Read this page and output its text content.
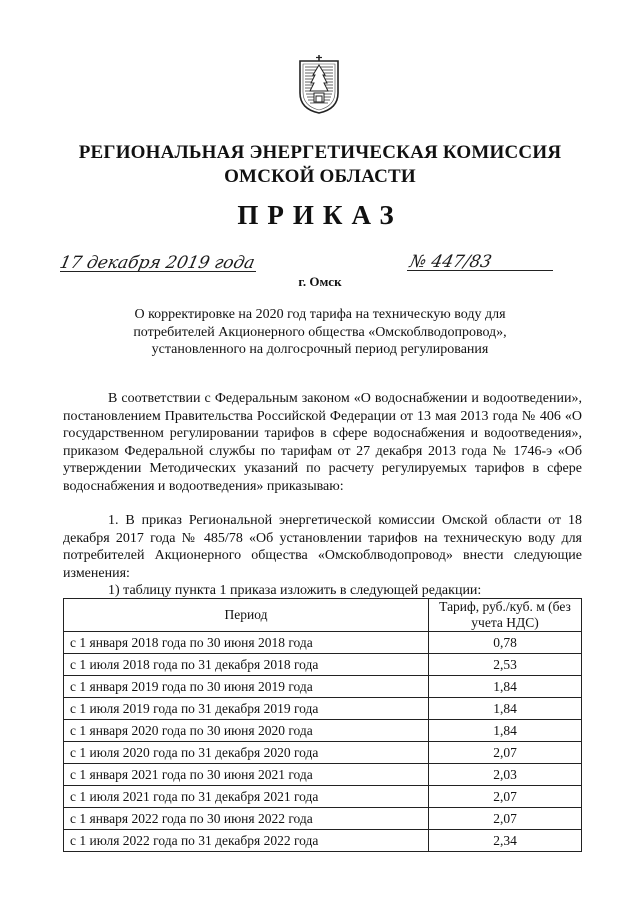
РЕГИОНАЛЬНАЯ ЭНЕРГЕТИЧЕСКАЯ КОМИССИЯ
ОМСКОЙ ОБЛАСТИ
ПРИКАЗ
17 декабря 2019 года	№ 447/83
г. Омск
О корректировке на 2020 год тарифа на техническую воду для потребителей Акционерного общества «Омскоблводопровод», установленного на долгосрочный период регулирования
В соответствии с Федеральным законом «О водоснабжении и водоотведении», постановлением Правительства Российской Федерации от 13 мая 2013 года № 406 «О государственном регулировании тарифов в сфере водоснабжения и водоотведения», приказом Федеральной службы по тарифам от 27 декабря 2013 года № 1746-э «Об утверждении Методических указаний по расчету регулируемых тарифов в сфере водоснабжения и водоотведения» приказываю:
1. В приказ Региональной энергетической комиссии Омской области от 18 декабря 2017 года № 485/78 «Об установлении тарифов на техническую воду для потребителей Акционерного общества «Омскоблводопровод» внести следующие изменения:
1) таблицу пункта 1 приказа изложить в следующей редакции:
Период	Тариф, руб./куб. м (без учета НДС)
с 1 января 2018 года по 30 июня 2018 года	0,78
с 1 июля 2018 года по 31 декабря 2018 года	2,53
с 1 января 2019 года по 30 июня 2019 года	1,84
с 1 июля 2019 года по 31 декабря 2019 года	1,84
с 1 января 2020 года по 30 июня 2020 года	1,84
с 1 июля 2020 года по 31 декабря 2020 года	2,07
с 1 января 2021 года по 30 июня 2021 года	2,03
с 1 июля 2021 года по 31 декабря 2021 года	2,07
с 1 января 2022 года по 30 июня 2022 года	2,07
с 1 июля 2022 года по 31 декабря 2022 года	2,34
